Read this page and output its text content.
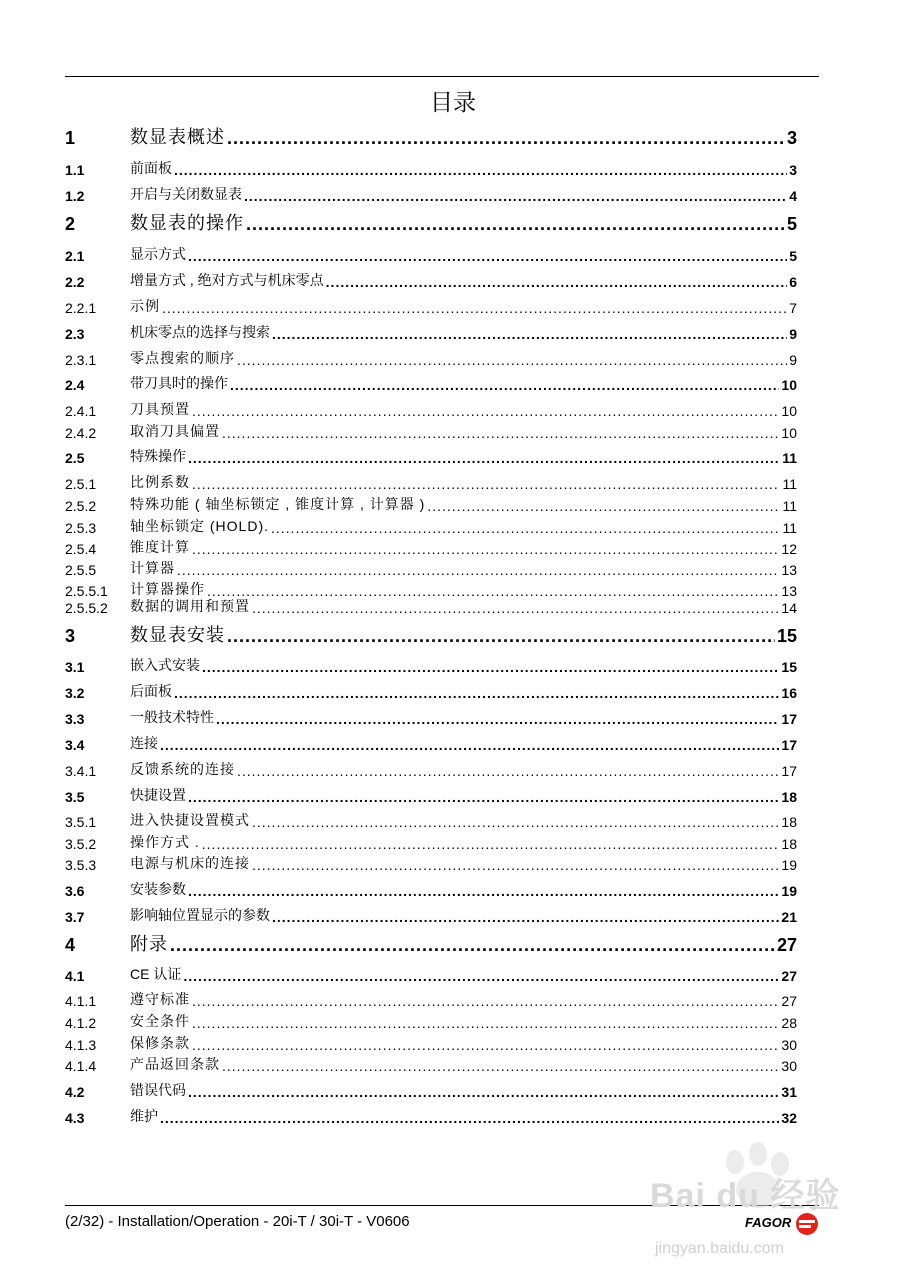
目录
1	数显表概述 .....	3
1.1	前面板 .....	3
1.2	开启与关闭数显表 .....	4
2	数显表的操作 .....	5
2.1	显示方式 .....	5
2.2	增量方式 , 绝对方式与机床零点 .....	6
2.2.1	示例 .....	7
2.3	机床零点的选择与搜索 .....	9
2.3.1	零点搜索的顺序 .....	9
2.4	带刀具时的操作 .....	10
2.4.1	刀具预置 .....	10
2.4.2	取消刀具偏置 .....	10
2.5	特殊操作 .....	11
2.5.1	比例系数 .....	11
2.5.2	特殊功能 ( 轴坐标锁定 , 锥度计算 , 计算器 ) .....	11
2.5.3	轴坐标锁定 (HOLD). .....	11
2.5.4	锥度计算 .....	12
2.5.5	计算器 .....	13
2.5.5.1	计算器操作 .....	13
2.5.5.2	数据的调用和预置 .....	14
3	数显表安装 .....	15
3.1	嵌入式安装 .....	15
3.2	后面板 .....	16
3.3	一般技术特性 .....	17
3.4	连接 .....	17
3.4.1	反馈系统的连接 .....	17
3.5	快捷设置 .....	18
3.5.1	进入快捷设置模式 .....	18
3.5.2	操作方式 . .....	18
3.5.3	电源与机床的连接 .....	19
3.6	安装参数 .....	19
3.7	影响轴位置显示的参数 .....	21
4	附录 .....	27
4.1	CE 认证 .....	27
4.1.1	遵守标准 .....	27
4.1.2	安全条件 .....	28
4.1.3	保修条款 .....	30
4.1.4	产品返回条款 .....	30
4.2	错误代码 .....	31
4.3	维护 .....	32
(2/32) - Installation/Operation - 20i-T / 30i-T - V0606	FAGOR
Bai du 经验
jingyan.baidu.com
